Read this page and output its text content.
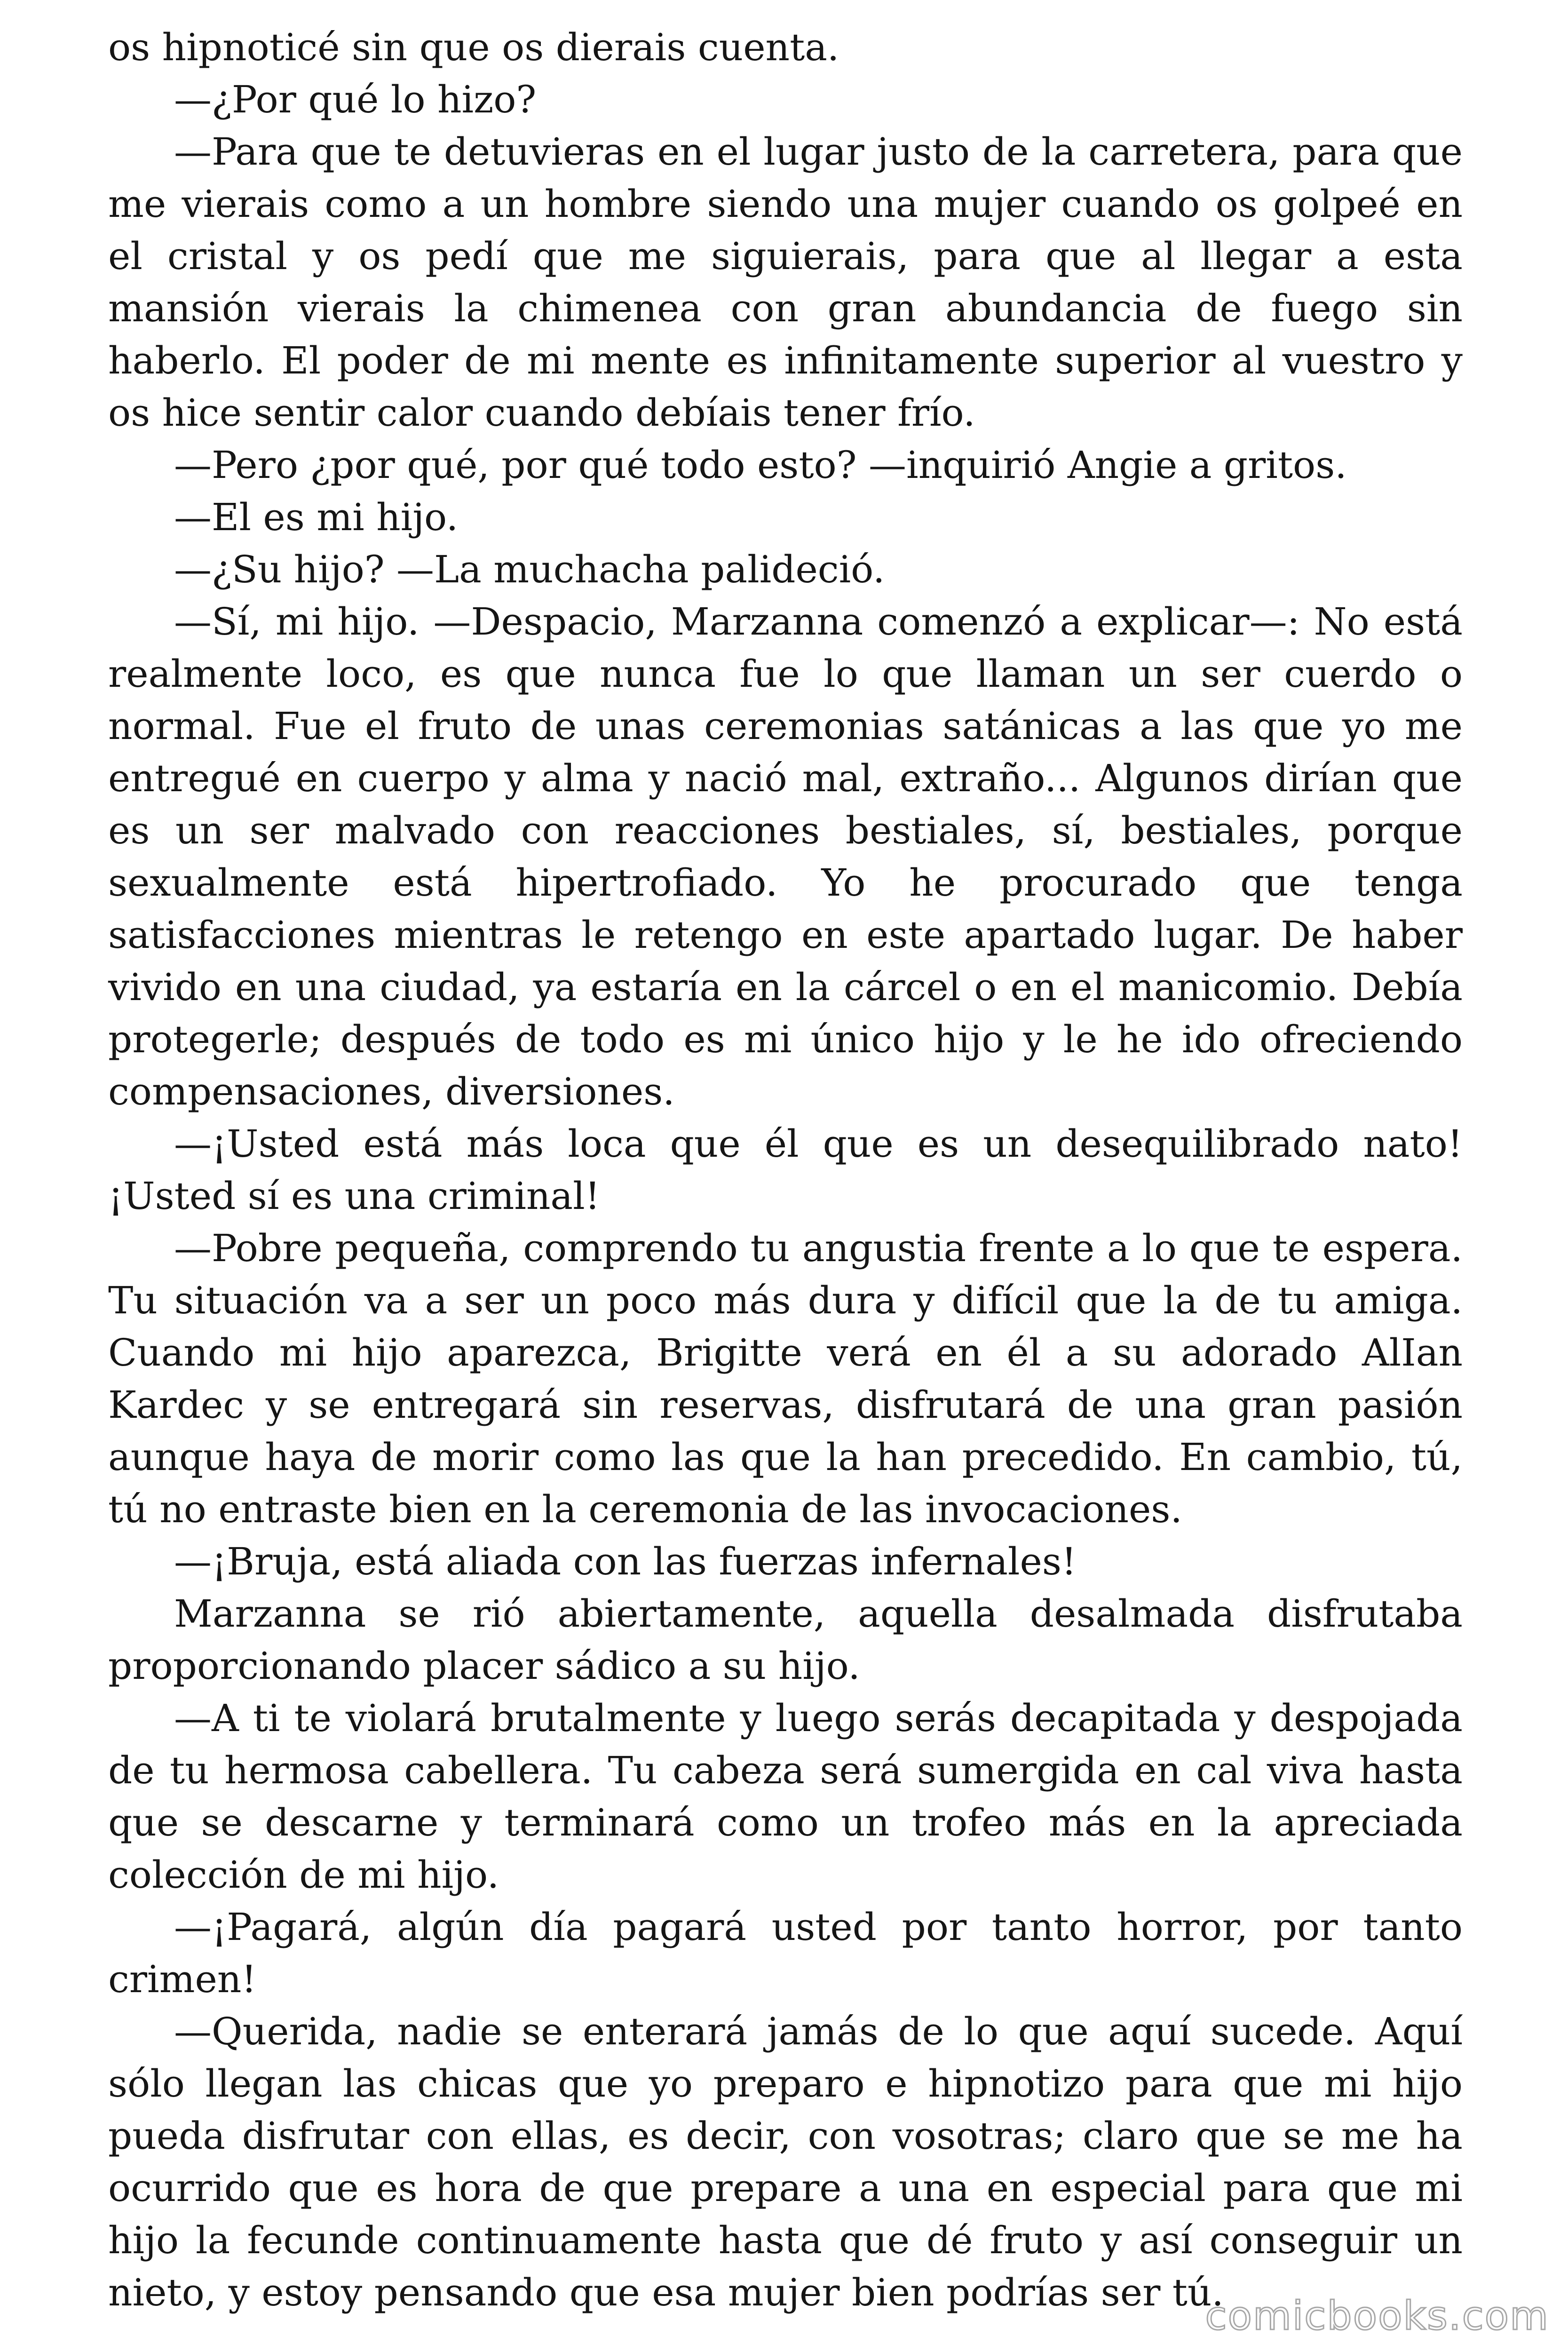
os hipnoticé sin que os dierais cuenta.

—¿Por qué lo hizo?

—Para que te detuvieras en el lugar justo de la carretera, para que me vierais como a un hombre siendo una mujer cuando os golpeé en el cristal y os pedí que me siguierais, para que al llegar a esta mansión vierais la chimenea con gran abundancia de fuego sin haberlo. El poder de mi mente es infinitamente superior al vuestro y os hice sentir calor cuando debíais tener frío.

—Pero ¿por qué, por qué todo esto? —inquirió Angie a gritos.

—El es mi hijo.

—¿Su hijo? —La muchacha palideció.

—Sí, mi hijo. —Despacio, Marzanna comenzó a explicar—: No está realmente loco, es que nunca fue lo que llaman un ser cuerdo o normal. Fue el fruto de unas ceremonias satánicas a las que yo me entregué en cuerpo y alma y nació mal, extraño... Algunos dirían que es un ser malvado con reacciones bestiales, sí, bestiales, porque sexualmente está hipertrofiado. Yo he procurado que tenga satisfacciones mientras le retengo en este apartado lugar. De haber vivido en una ciudad, ya estaría en la cárcel o en el manicomio. Debía protegerle; después de todo es mi único hijo y le he ido ofreciendo compensaciones, diversiones.

—¡Usted está más loca que él que es un desequilibrado nato! ¡Usted sí es una criminal!

—Pobre pequeña, comprendo tu angustia frente a lo que te espera. Tu situación va a ser un poco más dura y difícil que la de tu amiga. Cuando mi hijo aparezca, Brigitte verá en él a su adorado AlIan Kardec y se entregará sin reservas, disfrutará de una gran pasión aunque haya de morir como las que la han precedido. En cambio, tú, tú no entraste bien en la ceremonia de las invocaciones.

—¡Bruja, está aliada con las fuerzas infernales!

Marzanna se rió abiertamente, aquella desalmada disfrutaba proporcionando placer sádico a su hijo.

—A ti te violará brutalmente y luego serás decapitada y despojada de tu hermosa cabellera. Tu cabeza será sumergida en cal viva hasta que se descarne y terminará como un trofeo más en la apreciada colección de mi hijo.

—¡Pagará, algún día pagará usted por tanto horror, por tanto crimen!

—Querida, nadie se enterará jamás de lo que aquí sucede. Aquí sólo llegan las chicas que yo preparo e hipnotizo para que mi hijo pueda disfrutar con ellas, es decir, con vosotras; claro que se me ha ocurrido que es hora de que prepare a una en especial para que mi hijo la fecunde continuamente hasta que dé fruto y así conseguir un nieto, y estoy pensando que esa mujer bien podrías ser tú.

comicbooks.com
